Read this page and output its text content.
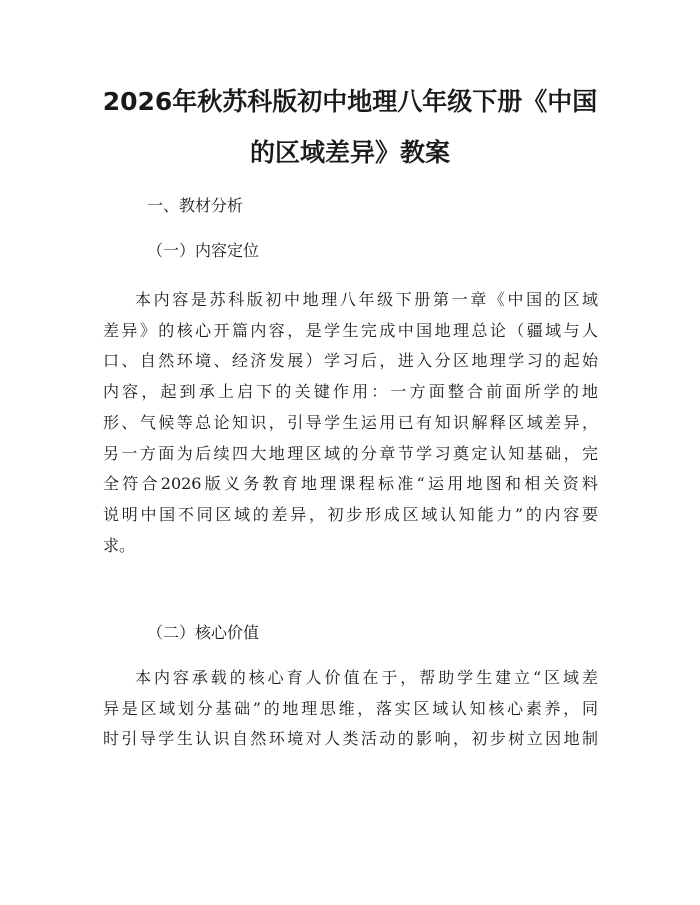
2026年秋苏科版初中地理八年级下册《中国
的区域差异》教案

一、教材分析

（一）内容定位

本内容是苏科版初中地理八年级下册第一章《中国的区域
差异》的核心开篇内容，是学生完成中国地理总论（疆域与人
口、自然环境、经济发展）学习后，进入分区地理学习的起始
内容，起到承上启下的关键作用：一方面整合前面所学的地
形、气候等总论知识，引导学生运用已有知识解释区域差异，
另一方面为后续四大地理区域的分章节学习奠定认知基础，完
全符合2026版义务教育地理课程标准“运用地图和相关资料
说明中国不同区域的差异，初步形成区域认知能力”的内容要
求。

（二）核心价值

本内容承载的核心育人价值在于，帮助学生建立“区域差
异是区域划分基础”的地理思维，落实区域认知核心素养，同
时引导学生认识自然环境对人类活动的影响，初步树立因地制
